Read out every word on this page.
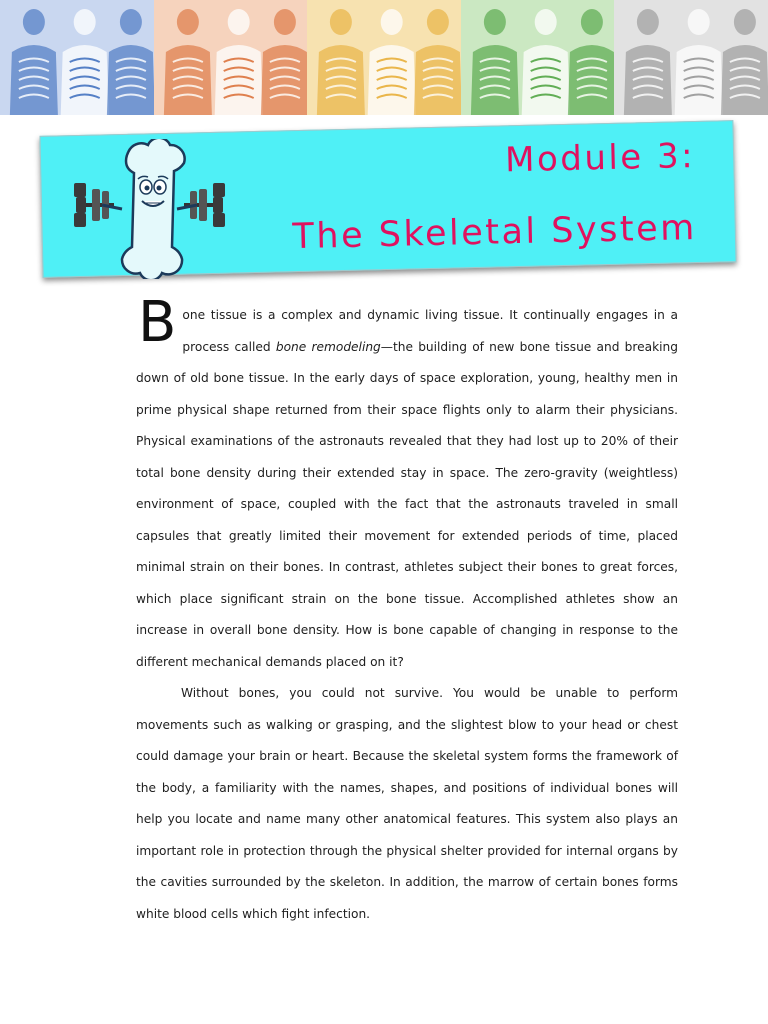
Module 3:
The Skeletal System

Bone tissue is a complex and dynamic living tissue. It continually engages in a process called bone remodeling—the building of new bone tissue and breaking down of old bone tissue. In the early days of space exploration, young, healthy men in prime physical shape returned from their space flights only to alarm their physicians. Physical examinations of the astronauts revealed that they had lost up to 20% of their total bone density during their extended stay in space. The zero-gravity (weightless) environment of space, coupled with the fact that the astronauts traveled in small capsules that greatly limited their movement for extended periods of time, placed minimal strain on their bones. In contrast, athletes subject their bones to great forces, which place significant strain on the bone tissue. Accomplished athletes show an increase in overall bone density. How is bone capable of changing in response to the different mechanical demands placed on it?

Without bones, you could not survive. You would be unable to perform movements such as walking or grasping, and the slightest blow to your head or chest could damage your brain or heart. Because the skeletal system forms the framework of the body, a familiarity with the names, shapes, and positions of individual bones will help you locate and name many other anatomical features. This system also plays an important role in protection through the physical shelter provided for internal organs by the cavities surrounded by the skeleton. In addition, the marrow of certain bones forms white blood cells which fight infection.
